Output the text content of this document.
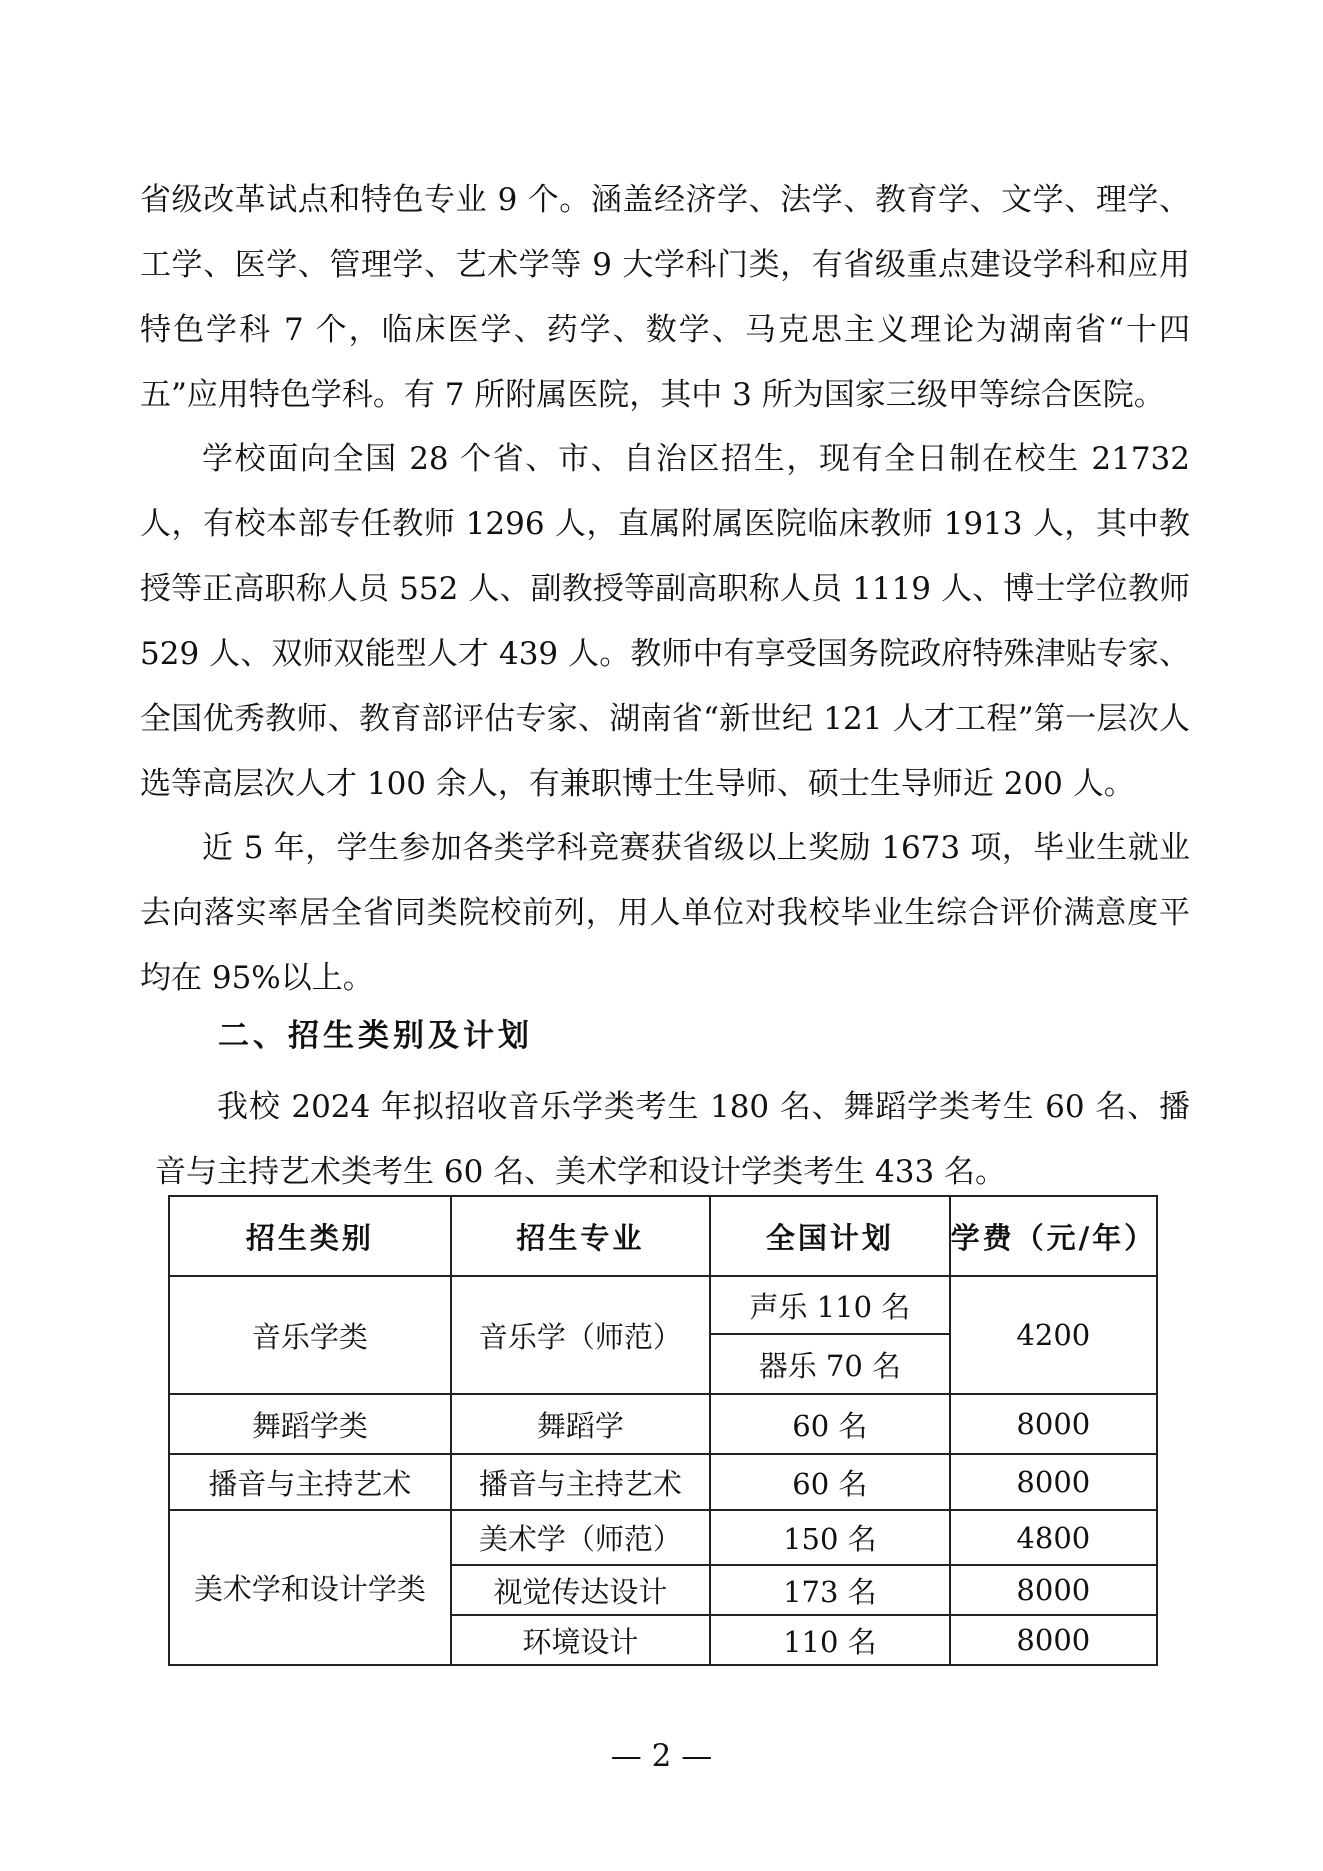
省级改革试点和特色专业 9 个。涵盖经济学、法学、教育学、文学、理学、工学、医学、管理学、艺术学等 9 大学科门类，有省级重点建设学科和应用特色学科 7 个，临床医学、药学、数学、马克思主义理论为湖南省“十四五”应用特色学科。有 7 所附属医院，其中 3 所为国家三级甲等综合医院。

学校面向全国 28 个省、市、自治区招生，现有全日制在校生 21732 人，有校本部专任教师 1296 人，直属附属医院临床教师 1913 人，其中教授等正高职称人员 552 人、副教授等副高职称人员 1119 人、博士学位教师 529 人、双师双能型人才 439 人。教师中有享受国务院政府特殊津贴专家、全国优秀教师、教育部评估专家、湖南省“新世纪 121 人才工程”第一层次人选等高层次人才 100 余人，有兼职博士生导师、硕士生导师近 200 人。

近 5 年，学生参加各类学科竞赛获省级以上奖励 1673 项，毕业生就业去向落实率居全省同类院校前列，用人单位对我校毕业生综合评价满意度平均在 95%以上。

二、招生类别及计划

我校 2024 年拟招收音乐学类考生 180 名、舞蹈学类考生 60 名、播音与主持艺术类考生 60 名、美术学和设计学类考生 433 名。

招生类别	招生专业	全国计划	学费（元/年）
音乐学类	音乐学（师范）	声乐 110 名	4200
		器乐 70 名	
舞蹈学类	舞蹈学	60 名	8000
播音与主持艺术	播音与主持艺术	60 名	8000
美术学和设计学类	美术学（师范）	150 名	4800
	视觉传达设计	173 名	8000
	环境设计	110 名	8000

— 2 —
